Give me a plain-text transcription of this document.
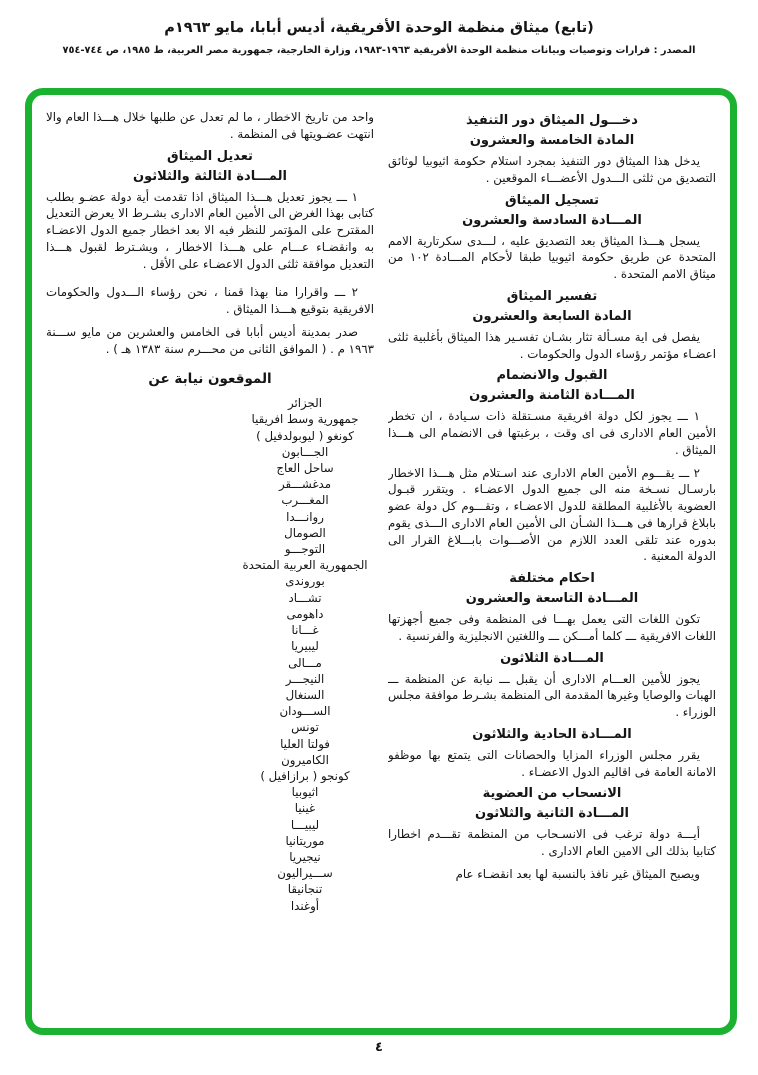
(تابع) ميثاق منظمة الوحدة الأفريقية، أديس أبابا، مايو ١٩٦٣م
المصدر : قرارات وتوصيات وبيانات منظمة الوحدة الأفريقية ١٩٦٣-١٩٨٣، وزارة الخارجية، جمهورية مصر العربية، ط ١٩٨٥، ص ٧٤٤-٧٥٤
دخـــول الميثاق دور التنفيذ
المادة الخامسة والعشرون

يدخل هذا الميثاق دور التنفيذ بمجرد استلام حكومة اثيوبيا لوثائق التصديق من ثلثى الـــدول الأعضـــاء الموقعين .

تسجيل الميثاق
المـــادة السادسة والعشرون

يسجل هـــذا الميثاق بعد التصديق عليه ، لـــدى سكرتارية الامم المتحدة عن طريق حكومة اثيوبيا طبقا لأحكام المـــادة ١٠٢ من ميثاق الامم المتحدة .

تفسير الميثاق
المادة السابعة والعشرون

يفصل فى اية مسـألة تثار بشـان تفسـير هذا الميثاق بأغلبية ثلثى اعضـاء مؤتمر رؤساء الدول والحكومات .

القبول والانضمام
المـــادة الثامنة والعشرون

١ ـــ يجوز لكل دولة افريقية مسـتقلة ذات سـيادة ، ان تخطر الأمين العام الادارى فى اى وقت ، برغبتها فى الانضمام الى هـــذا الميثاق .

٢ ـــ يقـــوم الأمين العام الادارى عند اسـتلام مثل هـــذا الاخطار بارسـال نسـخة منه الى جميع الدول الاعضـاء . ويتقرر قبـول العضوية بالأغلبية المطلقة للدول الاعضـاء ، وتقـــوم كل دولة عضو بابلاغ قرارها فى هـــذا الشـأن الى الأمين العام الادارى الـــذى يقوم بدوره عند تلقى العدد اللازم من الأصـــوات بابـــلاغ القرار الى الدولة المعنية .

احكام مختلفة
المـــادة التاسعة والعشرون

تكون اللغات التى يعمل بهـــا فى المنظمة وفى جميع أجهزتها اللغات الافريقية ـــ كلما أمـــكن ـــ واللغتين الانجليزية والفرنسية .

المـــادة الثلاثون

يجوز للأمين العـــام الادارى أن يقبل ـــ نيابة عن المنظمة ـــ الهبات والوصايا وغيرها المقدمة الى المنظمة بشـرط موافقة مجلس الوزراء .

المـــادة الحادية والثلاثون

يقرر مجلس الوزراء المزايا والحصانات التى يتمتع بها موظفو الامانة العامة فى اقاليم الدول الاعضـاء .

الانسحاب من العضوية
المـــادة الثانية والثلاثون

أيـــة دولة ترغب فى الانسـحاب من المنظمة تقـــدم اخطارا كتابيا بذلك الى الامين العام الادارى .

ويصبح الميثاق غير نافذ بالنسبة لها بعد انقضـاء عام

واحد من تاريخ الاخطار ، ما لم تعدل عن طلبها خلال هـــذا العام والا انتهت عضـويتها فى المنظمة .

تعديل الميثاق
المـــادة الثالثة والثلاثون

١ ـــ يجوز تعديل هـــذا الميثاق اذا تقدمت أية دولة عضـو بطلب كتابى بهذا الغرض الى الأمين العام الادارى بشـرط الا يعرض التعديل المقترح على المؤتمر للنظر فيه الا بعد اخطار جميع الدول الاعضـاء به وانقضـاء عـــام على هـــذا الاخطار ، ويشـترط لقبول هـــذا التعديل موافقة ثلثى الدول الاعضـاء على الأقل .

٢ ـــ واقرارا منا بهذا قمنا ، نحن رؤساء الـــدول والحكومات الافريقية بتوقيع هـــذا الميثاق .

صدر بمدينة أديس أبابا فى الخامس والعشرين من مايو ســـنة ١٩٦٣ م . ( الموافق الثانى من محـــرم سنة ١٣٨٣ هـ ) .

الموقعون نيابة عن
الجزائر
جمهورية وسط افريقيا
كونغو ( ليوبولدفيل )
الجـــابون
ساحل العاج
مدغشـــقر
المغـــرب
روانـــدا
الصومال
التوجـــو
الجمهورية العربية المتحدة
بوروندى
تشـــاد
داهومى
غـــانا
ليبيريا
مـــالى
النيجـــر
السنغال
الســـودان
تونس
فولتا العليا
الكاميرون
كونجو ( برازافيل )
اثيوبيا
غينيا
ليبيـــا
موريتانيا
نيجيريا
ســـيراليون
تنجانيقا
أوغندا
٤
